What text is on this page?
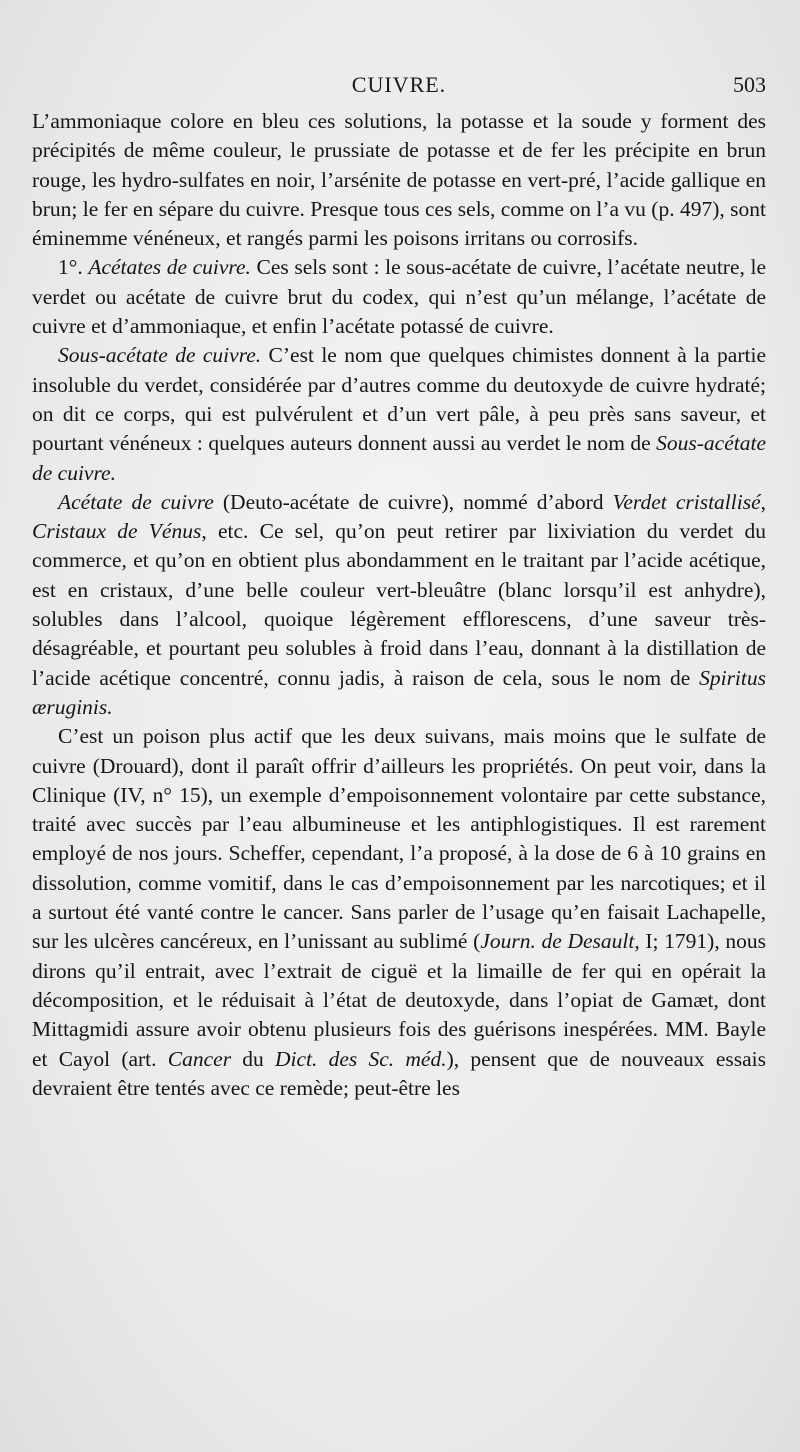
CUIVRE.	503

L’ammoniaque colore en bleu ces solutions, la potasse et la soude y forment des précipités de même couleur, le prussiate de potasse et de fer les précipite en brun rouge, les hydro-sulfates en noir, l’arsénite de potasse en vert-pré, l’acide gallique en brun; le fer en sépare du cuivre. Presque tous ces sels, comme on l’a vu (p. 497), sont éminemme vénéneux, et rangés parmi les poisons irritans ou corrosifs.

1°. Acétates de cuivre. Ces sels sont : le sous-acétate de cuivre, l’acétate neutre, le verdet ou acétate de cuivre brut du codex, qui n’est qu’un mélange, l’acétate de cuivre et d’ammoniaque, et enfin l’acétate potassé de cuivre.

Sous-acétate de cuivre. C’est le nom que quelques chimistes donnent à la partie insoluble du verdet, considérée par d’autres comme du deutoxyde de cuivre hydraté; on dit ce corps, qui est pulvérulent et d’un vert pâle, à peu près sans saveur, et pourtant vénéneux : quelques auteurs donnent aussi au verdet le nom de Sous-acétate de cuivre.

Acétate de cuivre (Deuto-acétate de cuivre), nommé d’abord Verdet cristallisé, Cristaux de Vénus, etc. Ce sel, qu’on peut retirer par lixiviation du verdet du commerce, et qu’on en obtient plus abondamment en le traitant par l’acide acétique, est en cristaux, d’une belle couleur vert-bleuâtre (blanc lorsqu’il est anhydre), solubles dans l’alcool, quoique légèrement efflorescens, d’une saveur très-désagréable, et pourtant peu solubles à froid dans l’eau, donnant à la distillation de l’acide acétique concentré, connu jadis, à raison de cela, sous le nom de Spiritus æruginis.

C’est un poison plus actif que les deux suivans, mais moins que le sulfate de cuivre (Drouard), dont il paraît offrir d’ailleurs les propriétés. On peut voir, dans la Clinique (IV, n° 15), un exemple d’empoisonnement volontaire par cette substance, traité avec succès par l’eau albumineuse et les antiphlogistiques. Il est rarement employé de nos jours. Scheffer, cependant, l’a proposé, à la dose de 6 à 10 grains en dissolution, comme vomitif, dans le cas d’empoisonnement par les narcotiques; et il a surtout été vanté contre le cancer. Sans parler de l’usage qu’en faisait Lachapelle, sur les ulcères cancéreux, en l’unissant au sublimé (Journ. de Desault, I; 1791), nous dirons qu’il entrait, avec l’extrait de ciguë et la limaille de fer qui en opérait la décomposition, et le réduisait à l’état de deutoxyde, dans l’opiat de Gamæt, dont Mittagmidi assure avoir obtenu plusieurs fois des guérisons inespérées. MM. Bayle et Cayol (art. Cancer du Dict. des Sc. méd.), pensent que de nouveaux essais devraient être tentés avec ce remède; peut-être les
